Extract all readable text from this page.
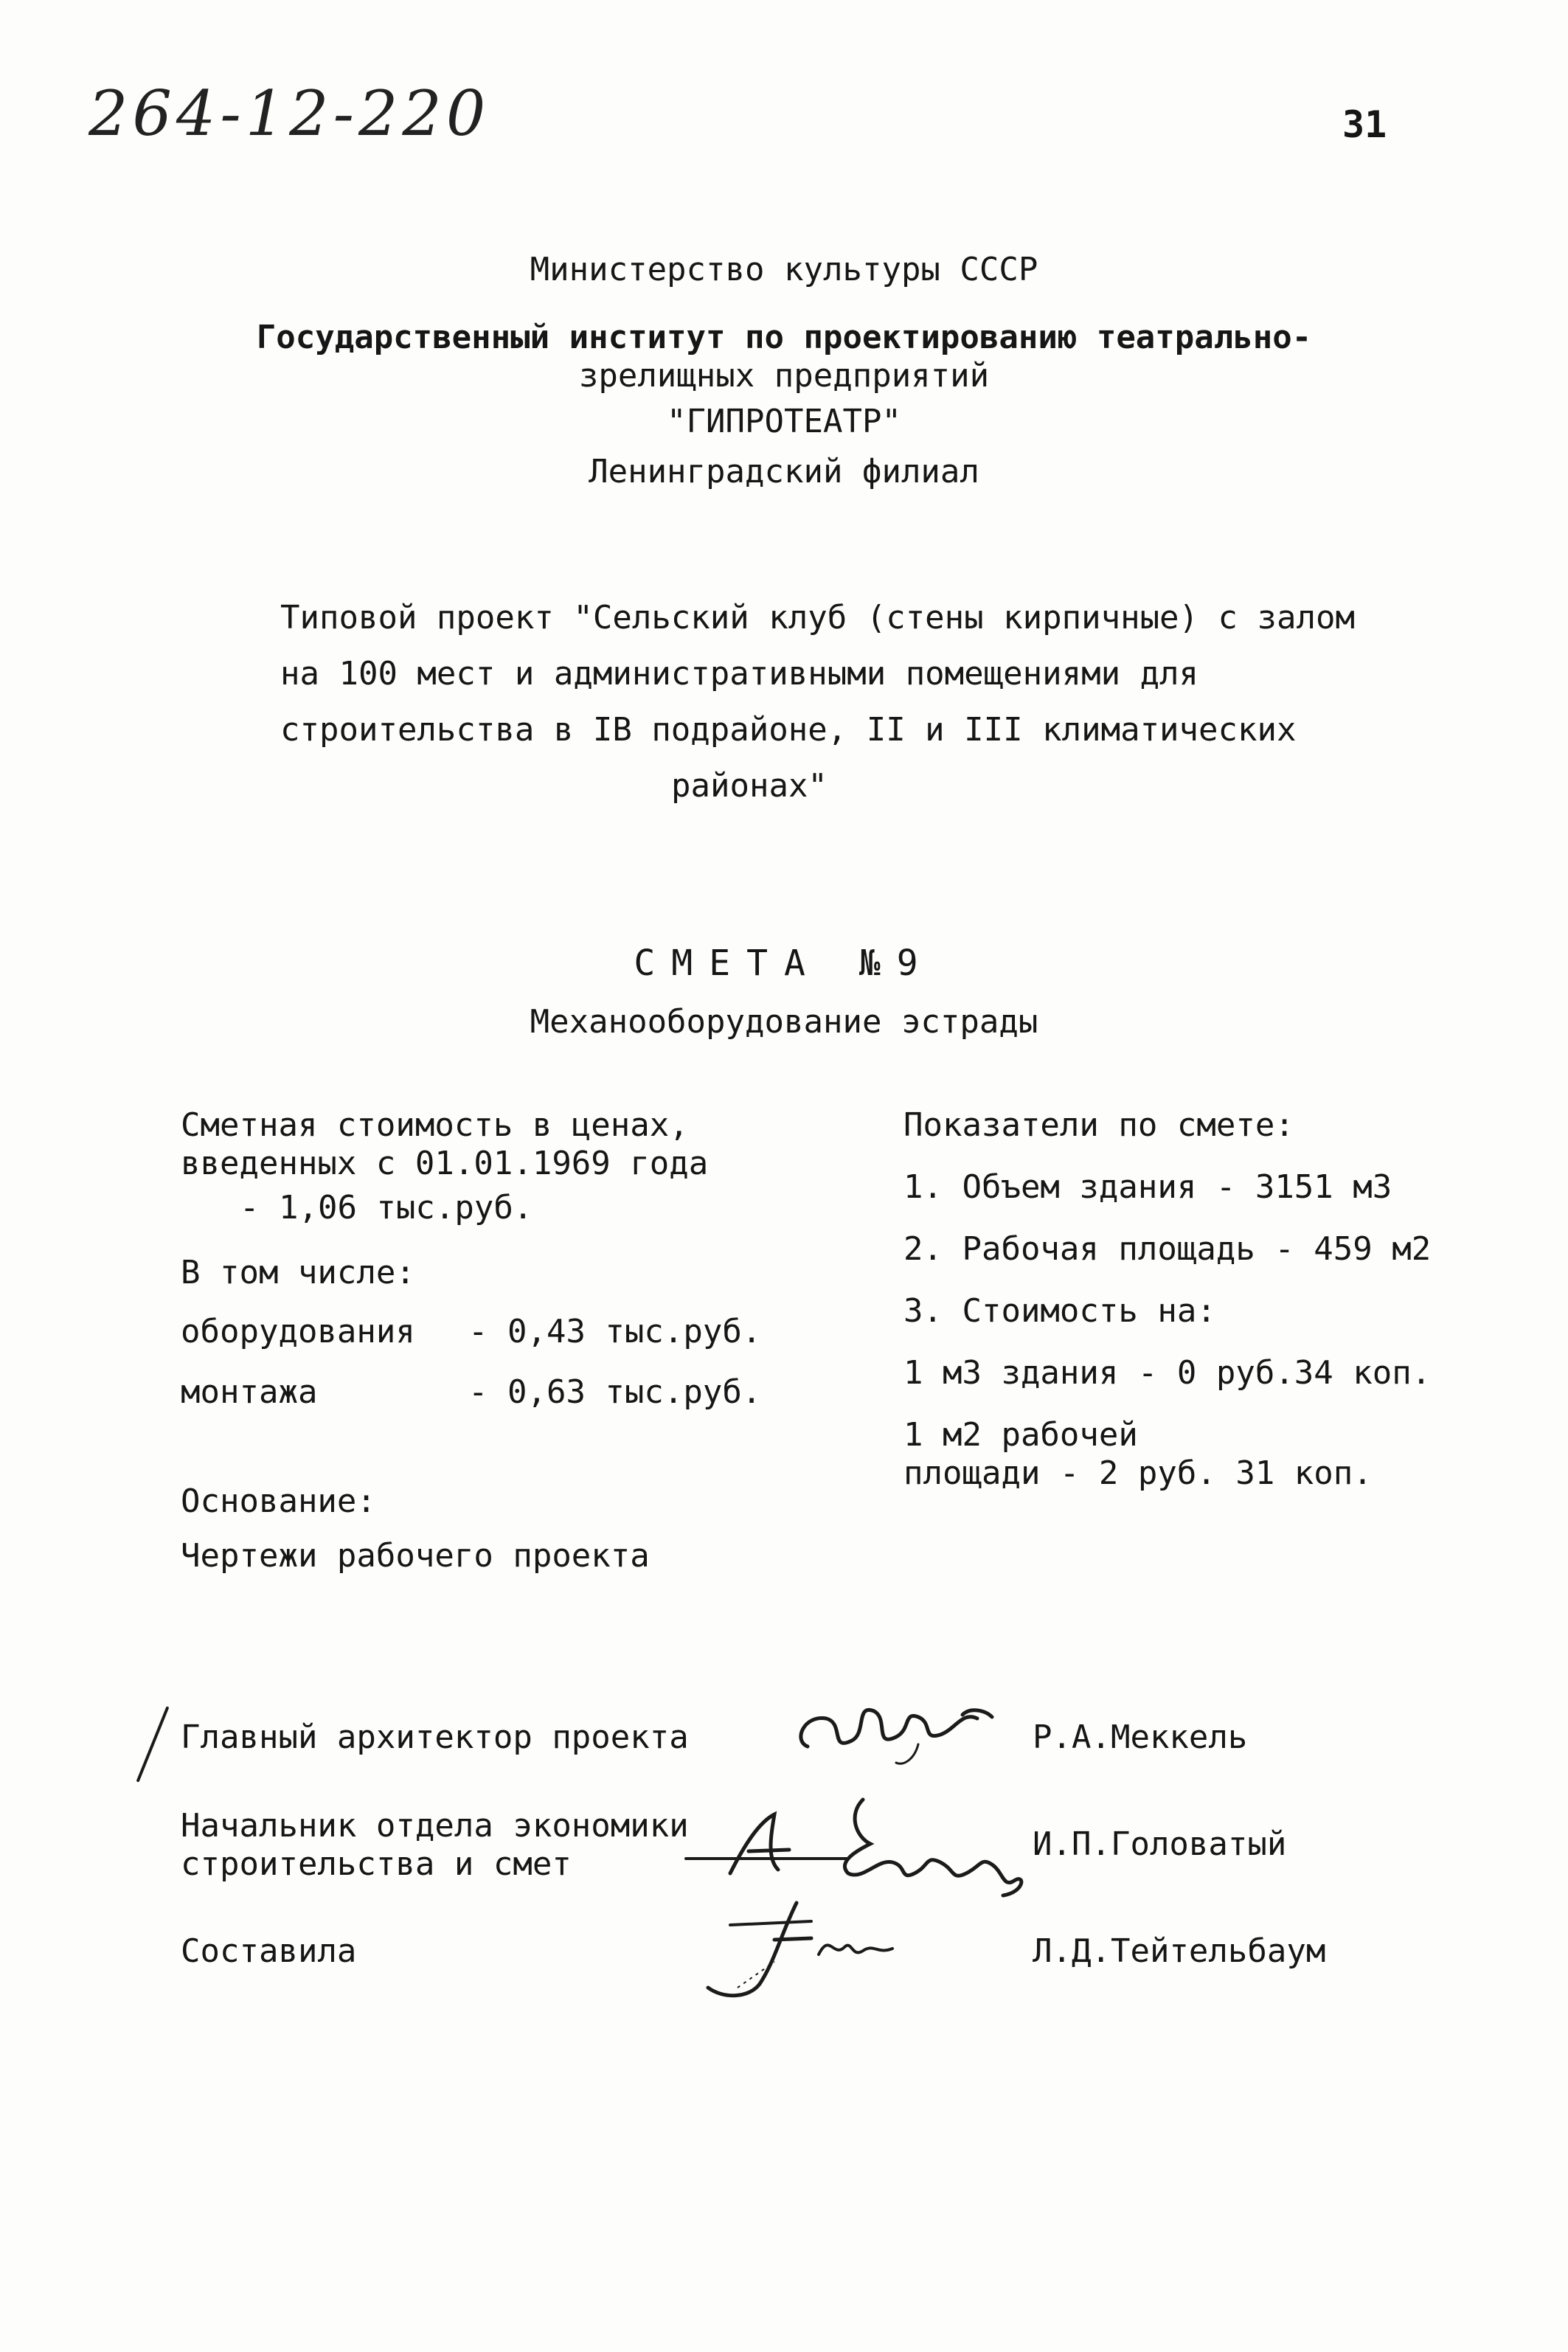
264-12-220	31
Министерство культуры СССР
Государственный институт по проектированию театрально-
зрелищных предприятий
"ГИПРОТЕАТР"
Ленинградский филиал
Типовой проект "Сельский клуб (стены кирпичные) с залом
на 100 мест и административными помещениями для
строительства в IВ подрайоне, II и III климатических
районах"
СМЕТА №9
Механооборудование эстрады
Сметная стоимость в ценах,
введенных с 01.01.1969 года
- 1,06 тыс.руб.
В том числе:
оборудования - 0,43 тыс.руб.
монтажа	- 0,63 тыс.руб.
Основание:
Чертежи рабочего проекта
Показатели по смете:
1. Объем здания - 3151 м3
2. Рабочая площадь - 459 м2
3. Стоимость на:
1 м3 здания - 0 руб.34 коп.
1 м2 рабочей
площади - 2 руб. 31 коп.
Главный архитектор проекта	Р.А.Меккель
Начальник отдела экономики
строительства и смет
И.П.Головатый
Составила	Л.Д.Тейтельбаум
